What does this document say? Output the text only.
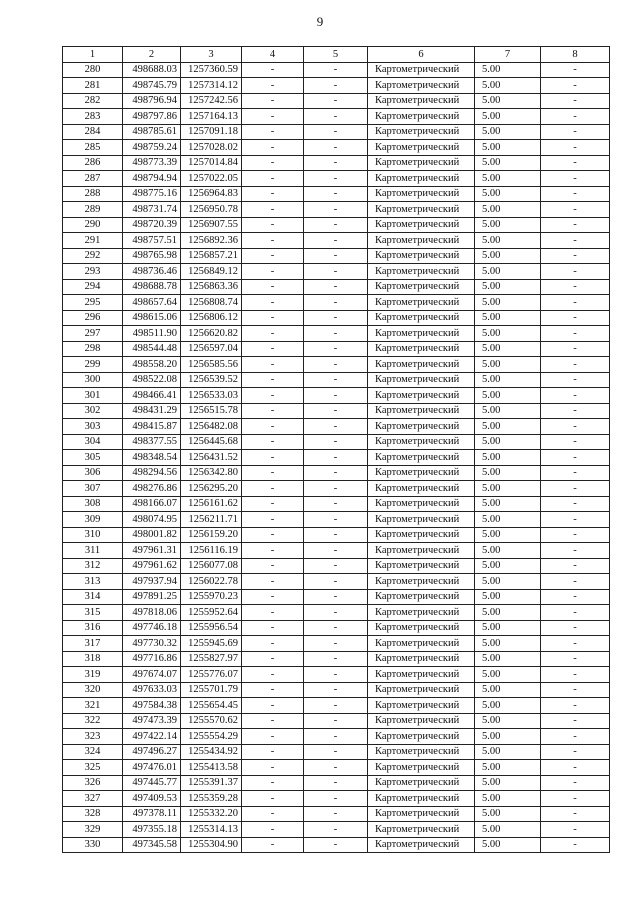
9
1	2	3	4	5	6	7	8
280	498688.03	1257360.59	-	-	Картометрический	5.00	-
281	498745.79	1257314.12	-	-	Картометрический	5.00	-
282	498796.94	1257242.56	-	-	Картометрический	5.00	-
283	498797.86	1257164.13	-	-	Картометрический	5.00	-
284	498785.61	1257091.18	-	-	Картометрический	5.00	-
285	498759.24	1257028.02	-	-	Картометрический	5.00	-
286	498773.39	1257014.84	-	-	Картометрический	5.00	-
287	498794.94	1257022.05	-	-	Картометрический	5.00	-
288	498775.16	1256964.83	-	-	Картометрический	5.00	-
289	498731.74	1256950.78	-	-	Картометрический	5.00	-
290	498720.39	1256907.55	-	-	Картометрический	5.00	-
291	498757.51	1256892.36	-	-	Картометрический	5.00	-
292	498765.98	1256857.21	-	-	Картометрический	5.00	-
293	498736.46	1256849.12	-	-	Картометрический	5.00	-
294	498688.78	1256863.36	-	-	Картометрический	5.00	-
295	498657.64	1256808.74	-	-	Картометрический	5.00	-
296	498615.06	1256806.12	-	-	Картометрический	5.00	-
297	498511.90	1256620.82	-	-	Картометрический	5.00	-
298	498544.48	1256597.04	-	-	Картометрический	5.00	-
299	498558.20	1256585.56	-	-	Картометрический	5.00	-
300	498522.08	1256539.52	-	-	Картометрический	5.00	-
301	498466.41	1256533.03	-	-	Картометрический	5.00	-
302	498431.29	1256515.78	-	-	Картометрический	5.00	-
303	498415.87	1256482.08	-	-	Картометрический	5.00	-
304	498377.55	1256445.68	-	-	Картометрический	5.00	-
305	498348.54	1256431.52	-	-	Картометрический	5.00	-
306	498294.56	1256342.80	-	-	Картометрический	5.00	-
307	498276.86	1256295.20	-	-	Картометрический	5.00	-
308	498166.07	1256161.62	-	-	Картометрический	5.00	-
309	498074.95	1256211.71	-	-	Картометрический	5.00	-
310	498001.82	1256159.20	-	-	Картометрический	5.00	-
311	497961.31	1256116.19	-	-	Картометрический	5.00	-
312	497961.62	1256077.08	-	-	Картометрический	5.00	-
313	497937.94	1256022.78	-	-	Картометрический	5.00	-
314	497891.25	1255970.23	-	-	Картометрический	5.00	-
315	497818.06	1255952.64	-	-	Картометрический	5.00	-
316	497746.18	1255956.54	-	-	Картометрический	5.00	-
317	497730.32	1255945.69	-	-	Картометрический	5.00	-
318	497716.86	1255827.97	-	-	Картометрический	5.00	-
319	497674.07	1255776.07	-	-	Картометрический	5.00	-
320	497633.03	1255701.79	-	-	Картометрический	5.00	-
321	497584.38	1255654.45	-	-	Картометрический	5.00	-
322	497473.39	1255570.62	-	-	Картометрический	5.00	-
323	497422.14	1255554.29	-	-	Картометрический	5.00	-
324	497496.27	1255434.92	-	-	Картометрический	5.00	-
325	497476.01	1255413.58	-	-	Картометрический	5.00	-
326	497445.77	1255391.37	-	-	Картометрический	5.00	-
327	497409.53	1255359.28	-	-	Картометрический	5.00	-
328	497378.11	1255332.20	-	-	Картометрический	5.00	-
329	497355.18	1255314.13	-	-	Картометрический	5.00	-
330	497345.58	1255304.90	-	-	Картометрический	5.00	-
